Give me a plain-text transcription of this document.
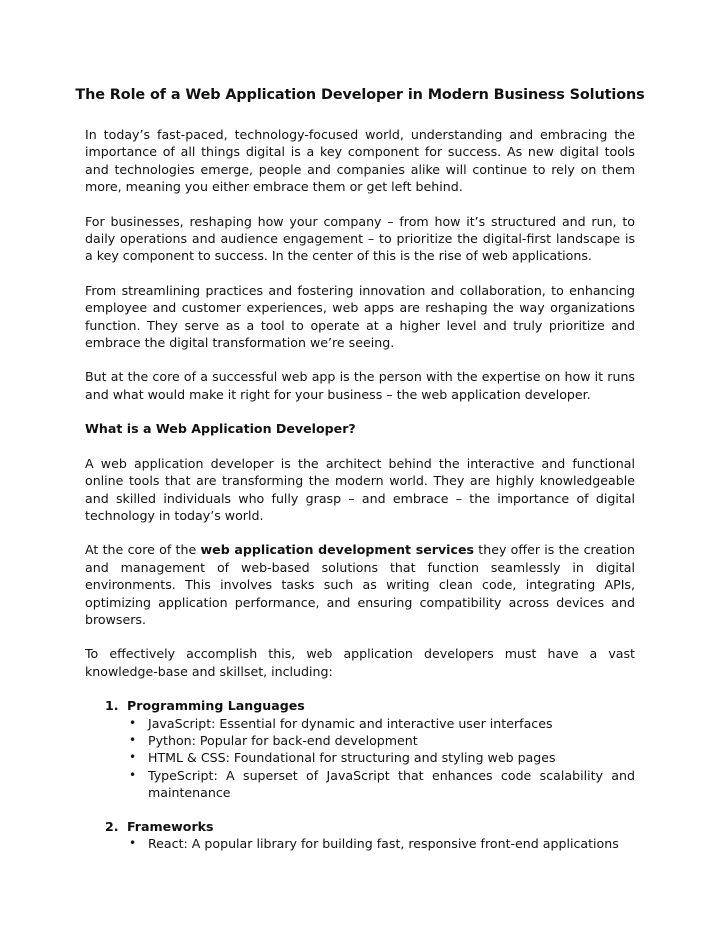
The Role of a Web Application Developer in Modern Business Solutions

In today’s fast-paced, technology-focused world, understanding and embracing the importance of all things digital is a key component for success. As new digital tools and technologies emerge, people and companies alike will continue to rely on them more, meaning you either embrace them or get left behind.

For businesses, reshaping how your company – from how it’s structured and run, to daily operations and audience engagement – to prioritize the digital-first landscape is a key component to success. In the center of this is the rise of web applications.

From streamlining practices and fostering innovation and collaboration, to enhancing employee and customer experiences, web apps are reshaping the way organizations function. They serve as a tool to operate at a higher level and truly prioritize and embrace the digital transformation we’re seeing.

But at the core of a successful web app is the person with the expertise on how it runs and what would make it right for your business – the web application developer.

What is a Web Application Developer?

A web application developer is the architect behind the interactive and functional online tools that are transforming the modern world. They are highly knowledgeable and skilled individuals who fully grasp – and embrace – the importance of digital technology in today’s world.

At the core of the web application development services they offer is the creation and management of web-based solutions that function seamlessly in digital environments. This involves tasks such as writing clean code, integrating APIs, optimizing application performance, and ensuring compatibility across devices and browsers.

To effectively accomplish this, web application developers must have a vast knowledge-base and skillset, including:

1. Programming Languages
• JavaScript: Essential for dynamic and interactive user interfaces
• Python: Popular for back-end development
• HTML & CSS: Foundational for structuring and styling web pages
• TypeScript: A superset of JavaScript that enhances code scalability and maintenance
2. Frameworks
• React: A popular library for building fast, responsive front-end applications
